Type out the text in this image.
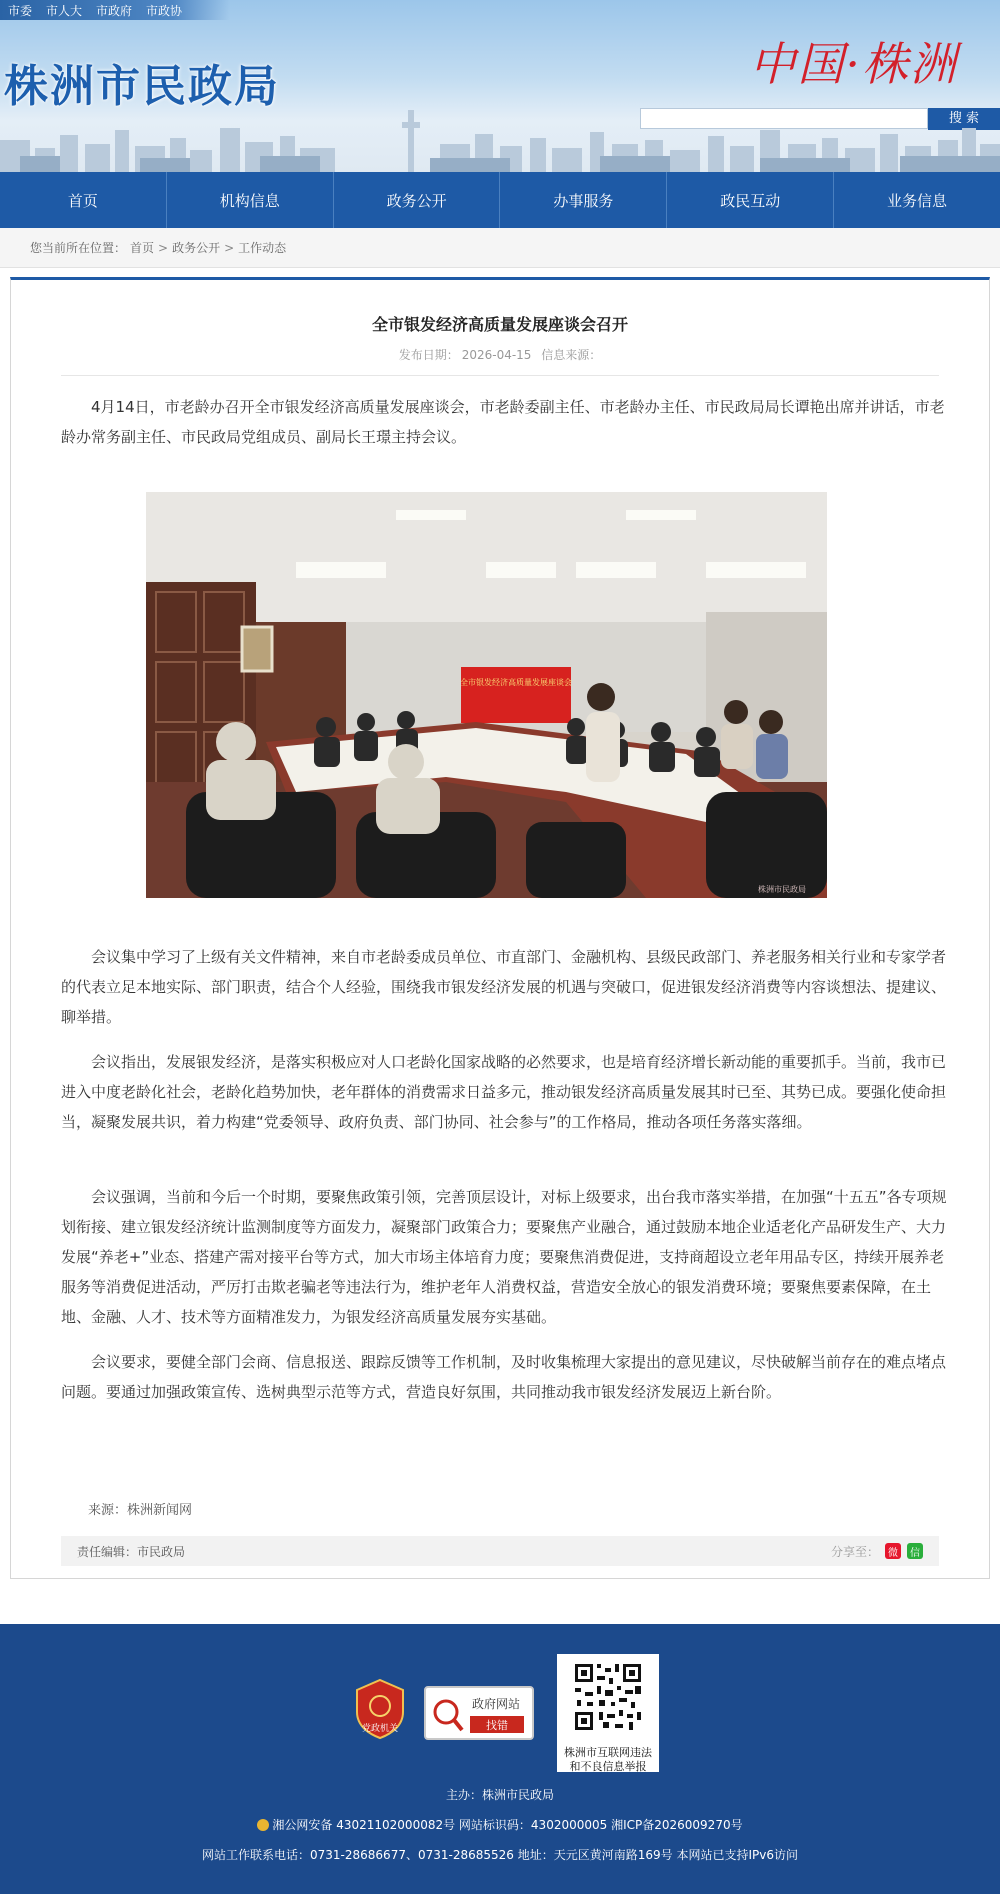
市委 市人大 市政府 市政协
株洲市民政局	中国·株洲
搜 索
首页	机构信息	政务公开	办事服务	政民互动	业务信息
您当前所在位置： 首页 > 政务公开 > 工作动态
全市银发经济高质量发展座谈会召开
发布日期： 2026-04-15 信息来源：

4月14日，市老龄办召开全市银发经济高质量发展座谈会，市老龄委副主任、市老龄办主任、市民政局局长谭艳出席并讲话，市老龄办常务副主任、市民政局党组成员、副局长王璟主持会议。

全市银发经济高质量发展座谈会
株洲市民政局

会议集中学习了上级有关文件精神，来自市老龄委成员单位、市直部门、金融机构、县级民政部门、养老服务相关行业和专家学者的代表立足本地实际、部门职责，结合个人经验，围绕我市银发经济发展的机遇与突破口，促进银发经济消费等内容谈想法、提建议、聊举措。

会议指出，发展银发经济，是落实积极应对人口老龄化国家战略的必然要求，也是培育经济增长新动能的重要抓手。当前，我市已进入中度老龄化社会，老龄化趋势加快，老年群体的消费需求日益多元，推动银发经济高质量发展其时已至、其势已成。要强化使命担当，凝聚发展共识，着力构建“党委领导、政府负责、部门协同、社会参与”的工作格局，推动各项任务落实落细。

会议强调，当前和今后一个时期，要聚焦政策引领，完善顶层设计，对标上级要求，出台我市落实举措，在加强“十五五”各专项规划衔接、建立银发经济统计监测制度等方面发力，凝聚部门政策合力；要聚焦产业融合，通过鼓励本地企业适老化产品研发生产、大力发展“养老+”业态、搭建产需对接平台等方式，加大市场主体培育力度；要聚焦消费促进，支持商超设立老年用品专区，持续开展养老服务等消费促进活动，严厉打击欺老骗老等违法行为，维护老年人消费权益，营造安全放心的银发消费环境；要聚焦要素保障，在土地、金融、人才、技术等方面精准发力，为银发经济高质量发展夯实基础。

会议要求，要健全部门会商、信息报送、跟踪反馈等工作机制，及时收集梳理大家提出的意见建议，尽快破解当前存在的难点堵点问题。要通过加强政策宣传、选树典型示范等方式，营造良好氛围，共同推动我市银发经济发展迈上新台阶。

来源：株洲新闻网
责任编辑：市民政局	分享至： 微	信
党政机关
政府网站
找错
株洲市互联网违法
和不良信息举报
主办：株洲市民政局
湘公网安备 43021102000082号 网站标识码：4302000005 湘ICP备2026009270号
网站工作联系电话：0731-28686677、0731-28685526 地址：天元区黄河南路169号 本网站已支持IPv6访问
